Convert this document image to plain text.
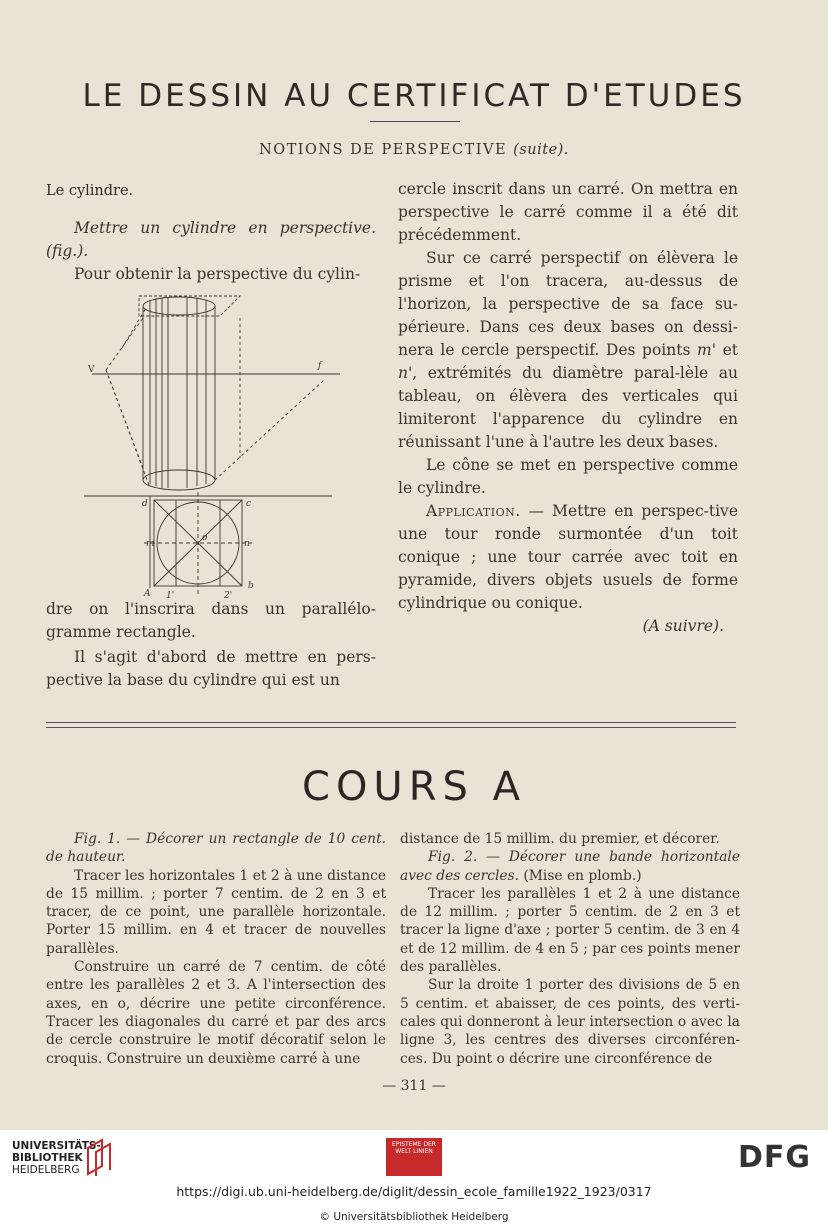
LE DESSIN AU CERTIFICAT D'ETUDES
NOTIONS DE PERSPECTIVE (suite).

Le cylindre.

Mettre un cylindre en perspective. (fig.).

Pour obtenir la perspective du cylin-

V	f
d	c
m	n
o
A
b
1'	2'

dre on l'inscrira dans un parallélo-gramme rectangle.

Il s'agit d'abord de mettre en pers-pective la base du cylindre qui est un

cercle inscrit dans un carré. On mettra en perspective le carré comme il a été dit précédemment.

Sur ce carré perspectif on élèvera le prisme et l'on tracera, au-dessus de l'horizon, la perspective de sa face su-périeure. Dans ces deux bases on dessi-nera le cercle perspectif. Des points m' et n', extrémités du diamètre paral-lèle au tableau, on élèvera des verticales qui limiteront l'apparence du cylindre en réunissant l'une à l'autre les deux bases.

Le cône se met en perspective comme le cylindre.

Application. — Mettre en perspec-tive une tour ronde surmontée d'un toit conique ; une tour carrée avec toit en pyramide, divers objets usuels de forme cylindrique ou conique.

(A suivre).

COURS A

Fig. 1. — Décorer un rectangle de 10 cent. de hauteur.

Tracer les horizontales 1 et 2 à une distance de 15 millim. ; porter 7 centim. de 2 en 3 et tracer, de ce point, une parallèle horizontale. Porter 15 millim. en 4 et tracer de nouvelles parallèles.

Construire un carré de 7 centim. de côté entre les parallèles 2 et 3. A l'intersection des axes, en o, décrire une petite circonférence. Tracer les diagonales du carré et par des arcs de cercle construire le motif décoratif selon le croquis. Construire un deuxième carré à une

distance de 15 millim. du premier, et décorer.

Fig. 2. — Décorer une bande horizontale avec des cercles. (Mise en plomb.)

Tracer les parallèles 1 et 2 à une distance de 12 millim. ; porter 5 centim. de 2 en 3 et tracer la ligne d'axe ; porter 5 centim. de 3 en 4 et de 12 millim. de 4 en 5 ; par ces points mener des parallèles.

Sur la droite 1 porter des divisions de 5 en 5 centim. et abaisser, de ces points, des verti-cales qui donneront à leur intersection o avec la ligne 3, les centres des diverses circonféren-ces. Du point o décrire une circonférence de

— 311 —
UNIVERSITÄTS-
BIBLIOTHEK
HEIDELBERG
EPISTEME DER WELT LINIEN	DFG
https://digi.ub.uni-heidelberg.de/diglit/dessin_ecole_famille1922_1923/0317
© Universitätsbibliothek Heidelberg
